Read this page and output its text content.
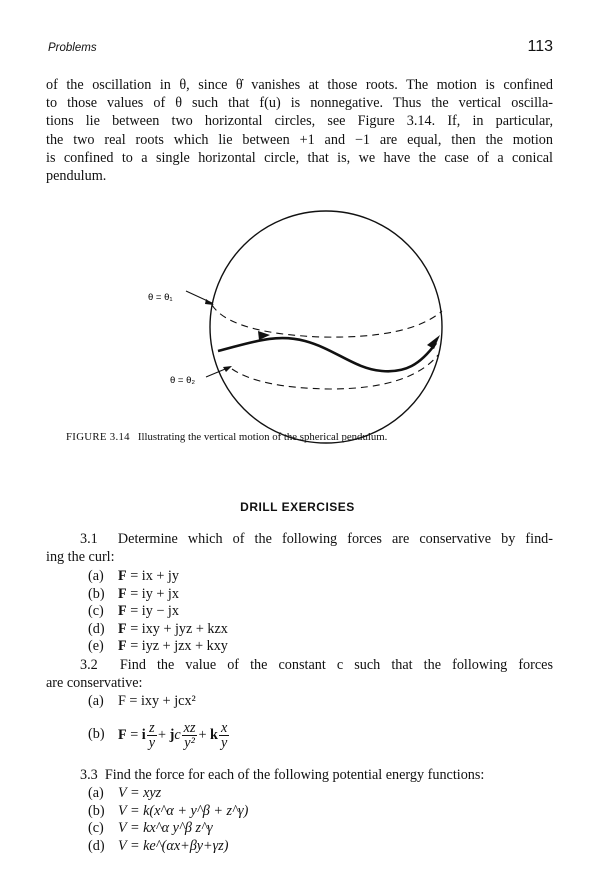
Problems	113

of the oscillation in θ, since θ̇ vanishes at those roots. The motion is confined
to those values of θ such that f(u) is nonnegative. Thus the vertical oscilla-
tions lie between two horizontal circles, see Figure 3.14. If, in particular,
the two real roots which lie between +1 and −1 are equal, then the motion
is confined to a single horizontal circle, that is, we have the case of a conical
pendulum.

θ = θ₁
θ = θ₂
FIGURE 3.14 Illustrating the vertical motion of the spherical pendulum.
DRILL EXERCISES
3.1 Determine which of the following forces are conservative by find-
ing the curl:
(a) F = ix + jy
(b) F = iy + jx
(c) F = iy − jx
(d) F = ixy + jyz + kzx
(e) F = iyz + jzx + kxy
3.2 Find the value of the constant c such that the following forces
are conservative:
(a) F = ixy + jcx²
(b) F = i $\frac{z}{y}$ + jc $\frac{xz}{\text{y²}} + k \frac{x}{y}$
3.3 Find the force for each of the following potential energy functions:
(a) V = xyz
(b) V = k(x^α + y^β + z^γ)
(c) V = kx^α y^β z^γ
(d) V = ke^(αx+βy+γz)
